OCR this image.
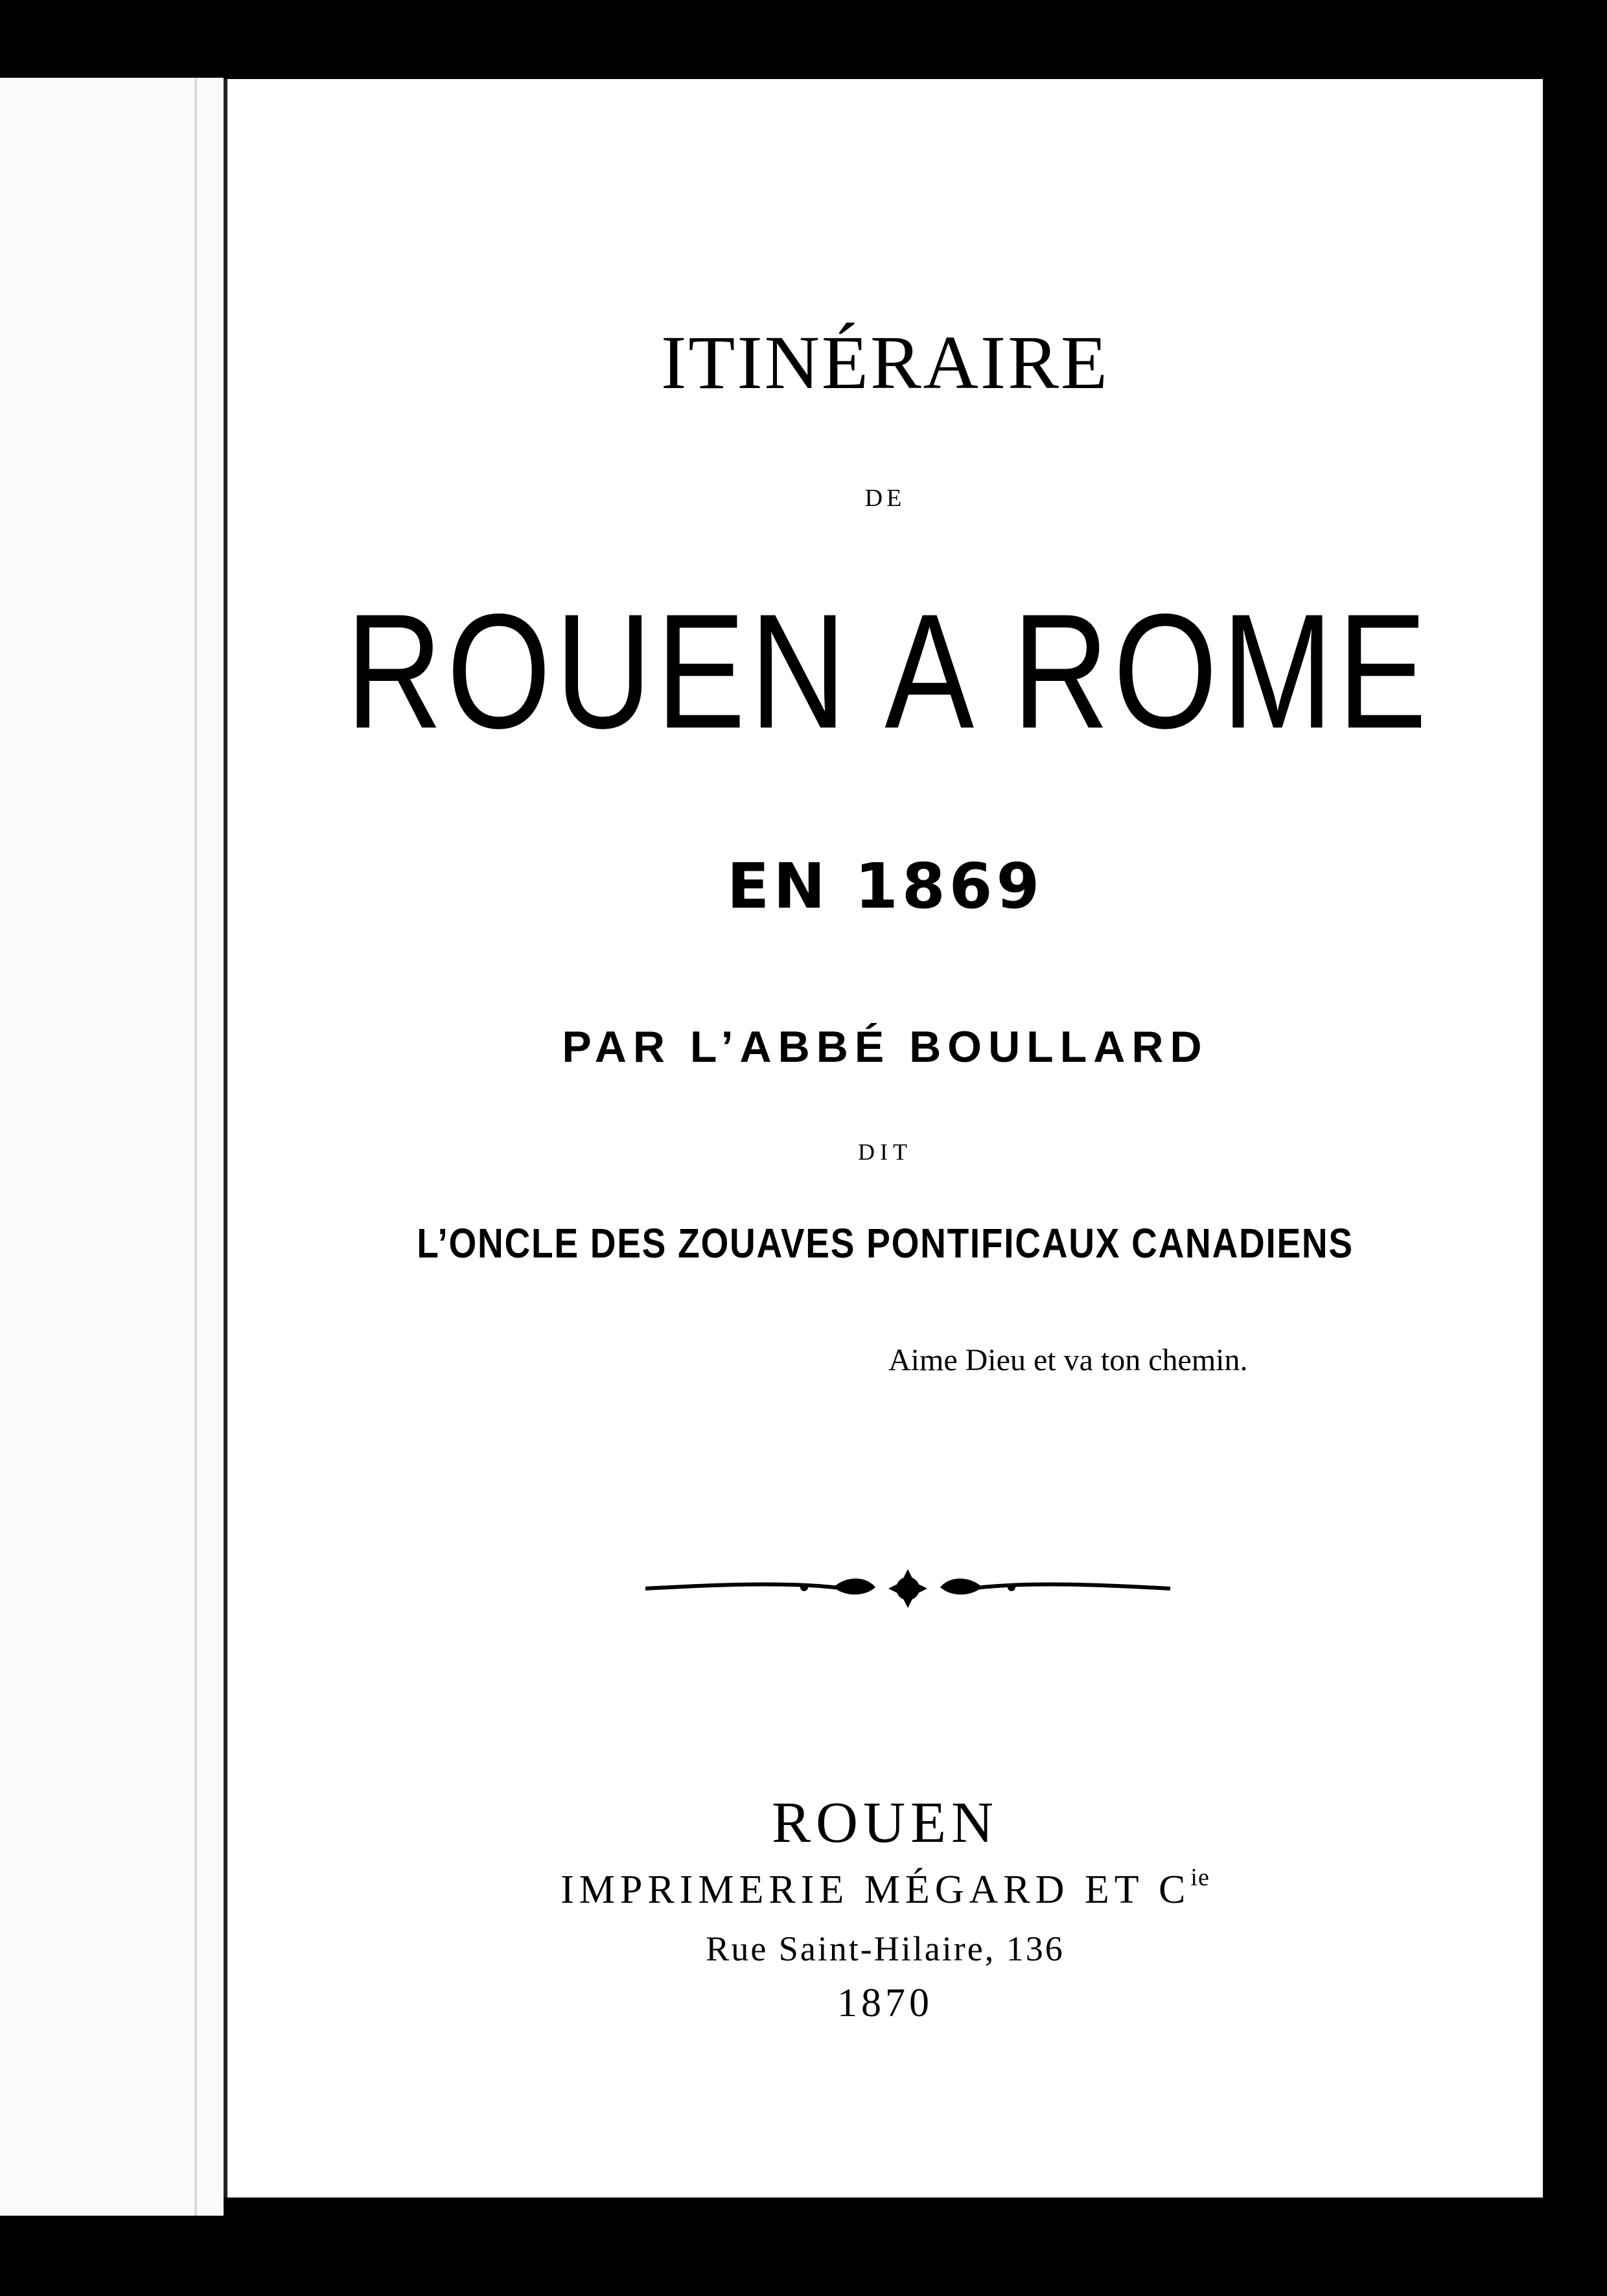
ITINÉRAIRE
DE
ROUEN A ROME
EN 1869
PAR L’ABBÉ BOULLARD
DIT
L’ONCLE DES ZOUAVES PONTIFICAUX CANADIENS
Aime Dieu et va ton chemin.
ROUEN
IMPRIMERIE MÉGARD ET $C^{ie}$
Rue Saint-Hilaire, 136
1870
